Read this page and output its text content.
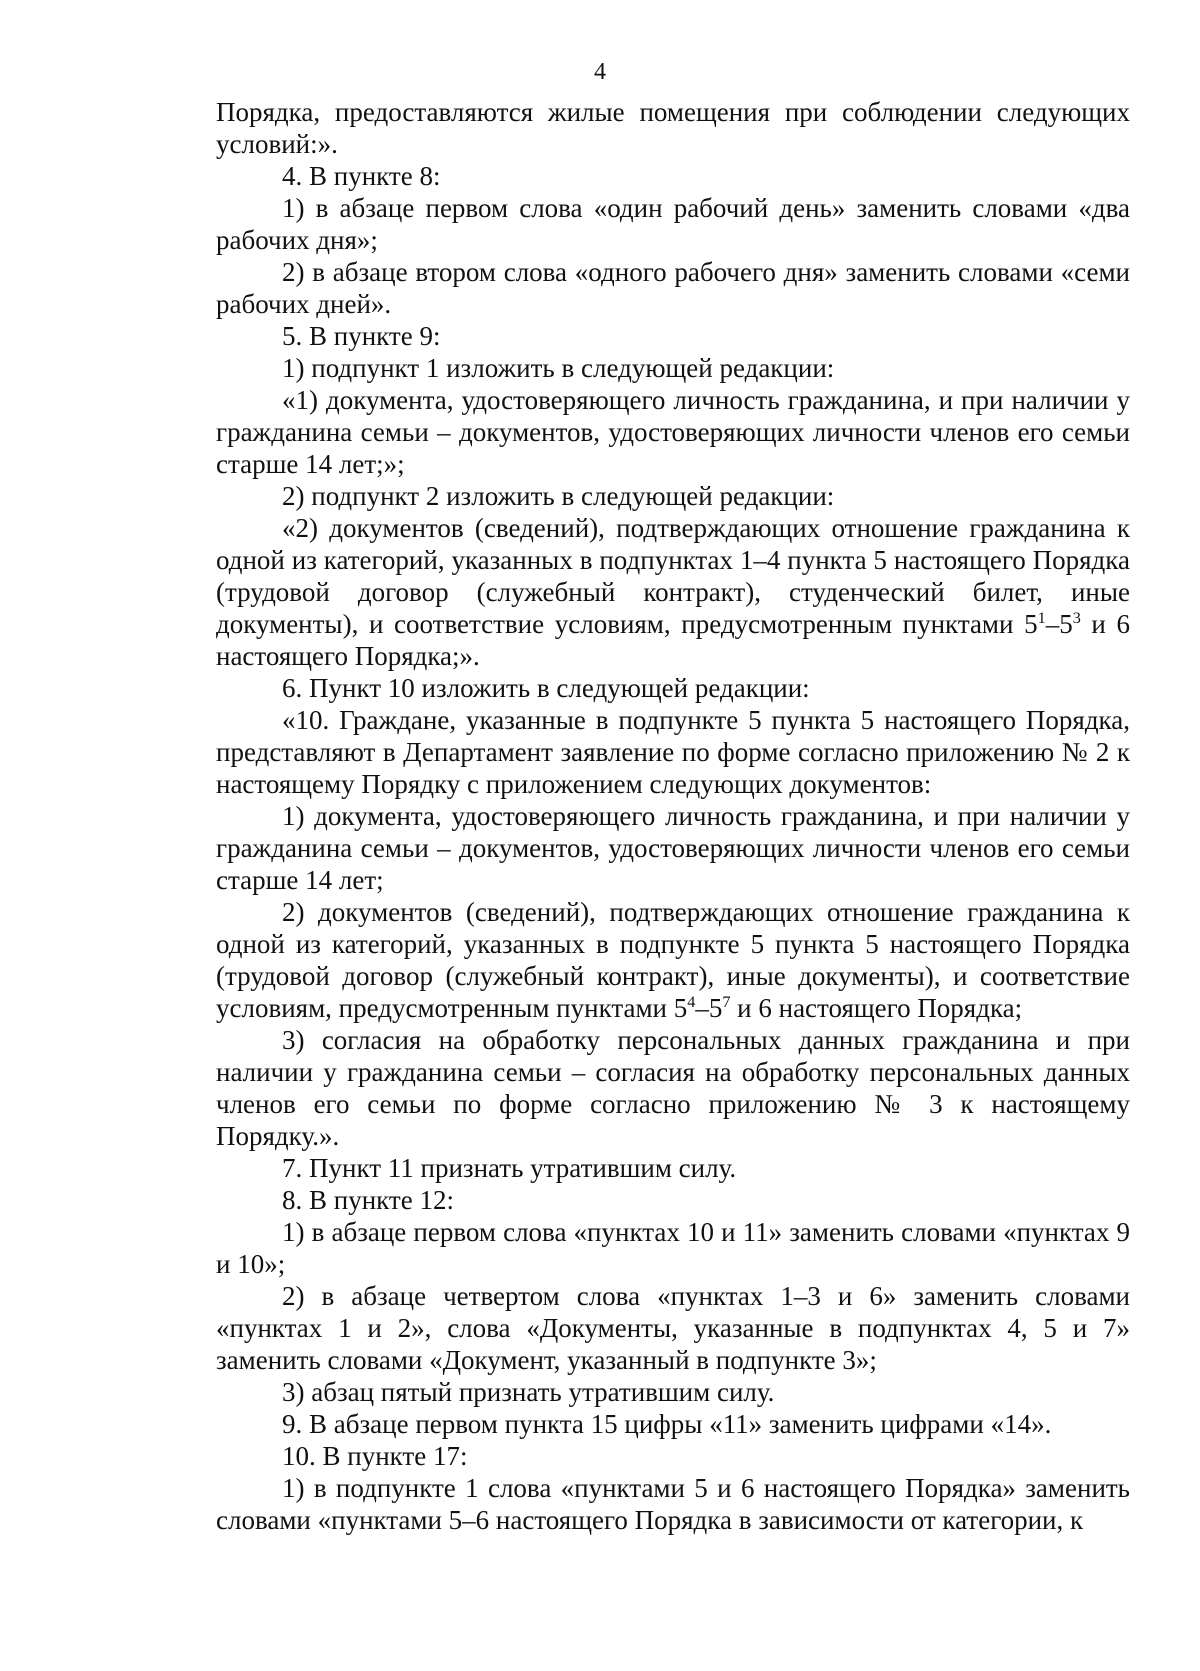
4

Порядка, предоставляются жилые помещения при соблюдении следующих условий:».

4. В пункте 8:

1) в абзаце первом слова «один рабочий день» заменить словами «два рабочих дня»;

2) в абзаце втором слова «одного рабочего дня» заменить словами «семи рабочих дней».

5. В пункте 9:

1) подпункт 1 изложить в следующей редакции:

«1) документа, удостоверяющего личность гражданина, и при наличии у гражданина семьи – документов, удостоверяющих личности членов его семьи старше 14 лет;»;

2) подпункт 2 изложить в следующей редакции:

«2) документов (сведений), подтверждающих отношение гражданина к одной из категорий, указанных в подпунктах 1–4 пункта 5 настоящего Порядка (трудовой договор (служебный контракт), студенческий билет, иные документы), и соответствие условиям, предусмотренным пунктами $5^1-5^3$ и 6 настоящего Порядка;».

6. Пункт 10 изложить в следующей редакции:

«10. Граждане, указанные в подпункте 5 пункта 5 настоящего Порядка, представляют в Департамент заявление по форме согласно приложению № 2 к настоящему Порядку с приложением следующих документов:

1) документа, удостоверяющего личность гражданина, и при наличии у гражданина семьи – документов, удостоверяющих личности членов его семьи старше 14 лет;

2) документов (сведений), подтверждающих отношение гражданина к одной из категорий, указанных в подпункте 5 пункта 5 настоящего Порядка (трудовой договор (служебный контракт), иные документы), и соответствие условиям, предусмотренным пунктами $5^4-5^7$ и 6 настоящего Порядка;

3) согласия на обработку персональных данных гражданина и при наличии у гражданина семьи – согласия на обработку персональных данных членов его семьи по форме согласно приложению № 3 к настоящему Порядку.».

7. Пункт 11 признать утратившим силу.

8. В пункте 12:

1) в абзаце первом слова «пунктах 10 и 11» заменить словами «пунктах 9 и 10»;

2) в абзаце четвертом слова «пунктах 1–3 и 6» заменить словами «пунктах 1 и 2», слова «Документы, указанные в подпунктах 4, 5 и 7» заменить словами «Документ, указанный в подпункте 3»;

3) абзац пятый признать утратившим силу.

9. В абзаце первом пункта 15 цифры «11» заменить цифрами «14».

10. В пункте 17:

1) в подпункте 1 слова «пунктами 5 и 6 настоящего Порядка» заменить словами «пунктами 5–6 настоящего Порядка в зависимости от категории, к
